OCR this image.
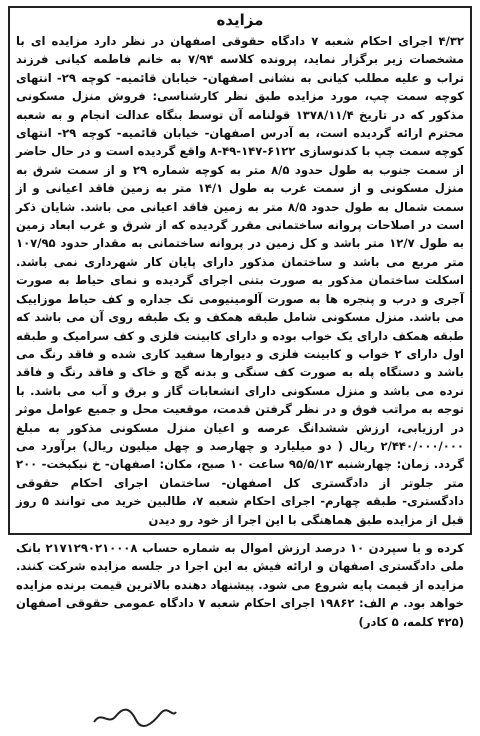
مزایده

۴/۳۲ اجرای احکام شعبه ۷ دادگاه حقوقی اصفهان در نظر دارد مزایده ای با مشخصات زیر برگزار نماید، پرونده کلاسه ۷/۹۴ به خانم فاطمه کیانی فرزند تراب و علیه مطلب کیانی به نشانی اصفهان- خیابان قائمیه- کوچه ۲۹- انتهای کوچه سمت چپ، مورد مزایده طبق نظر کارشناسی: فروش منزل مسکونی مذکور که در تاریخ ۱۳۷۸/۱۱/۴ قولنامه آن توسط بنگاه عدالت انجام و به شعبه محترم ارائه گردیده است، به آدرس اصفهان- خیابان قائمیه- کوچه ۲۹- انتهای کوچه سمت چپ با کدنوسازی ۶۱۲۲-۱۴۷-۴۹-۸ واقع گردیده است و در حال حاضر از سمت جنوب به طول حدود ۸/۵ متر به کوچه شماره ۲۹ و از سمت شرق به منزل مسکونی و از سمت غرب به طول ۱۴/۱ متر به زمین فاقد اعیانی و از سمت شمال به طول حدود ۸/۵ متر به زمین فاقد اعیانی می باشد. شایان ذکر است در اصلاحات پروانه ساختمانی مقرر گردیده که از شرق و غرب ابعاد زمین به طول ۱۲/۷ متر باشد و کل زمین در پروانه ساختمانی به مقدار حدود ۱۰۷/۹۵ متر مربع می باشد و ساختمان مذکور دارای پایان کار شهرداری نمی باشد. اسکلت ساختمان مذکور به صورت بتنی اجرای گردیده و نمای حیاط به صورت آجری و درب و پنجره ها به صورت آلومینیومی تک جداره و کف حیاط موزاییک می باشد. منزل مسکونی شامل طبقه همکف و یک طبقه روی آن می باشد که طبقه همکف دارای یک خواب بوده و دارای کابینت فلزی و کف سرامیک و طبقه اول دارای ۲ خواب و کابینت فلزی و دیوارها سفید کاری شده و فاقد رنگ می باشد و دستگاه پله به صورت کف سنگی و بدنه گچ و خاک و فاقد رنگ و فاقد نرده می باشد و منزل مسکونی دارای انشعابات گاز و برق و آب می باشد. با توجه به مراتب فوق و در نظر گرفتن قدمت، موقعیت محل و جمیع عوامل موثر در ارزیابی، ارزش ششدانگ عرصه و اعیان منزل مسکونی مذکور به مبلغ ۲/۴۴۰/۰۰۰/۰۰۰ ریال ( دو میلیارد و چهارصد و چهل میلیون ریال) برآورد می گردد. زمان: چهارشنبه ۹۵/۵/۱۳ ساعت ۱۰ صبح، مکان: اصفهان- خ نیکبخت- ۲۰۰ متر جلوتر از دادگستری کل اصفهان- ساختمان اجرای احکام حقوقی دادگستری- طبقه چهارم- اجرای احکام شعبه ۷، طالبین خرید می توانند ۵ روز قبل از مزایده طبق هماهنگی با این اجرا از خود رو دیدن

کرده و با سپردن ۱۰ درصد ارزش اموال به شماره حساب ۲۱۷۱۲۹۰۲۱۰۰۰۸ بانک ملی دادگستری اصفهان و ارائه فیش به این اجرا در جلسه مزایده شرکت کنند. مزایده از قیمت پایه شروع می شود. پیشنهاد دهنده بالاترین قیمت برنده مزایده خواهد بود. م الف: ۱۹۸۶۲ اجرای احکام شعبه ۷ دادگاه عمومی حقوقی اصفهان (۴۲۵ کلمه، ۵ کادر)
